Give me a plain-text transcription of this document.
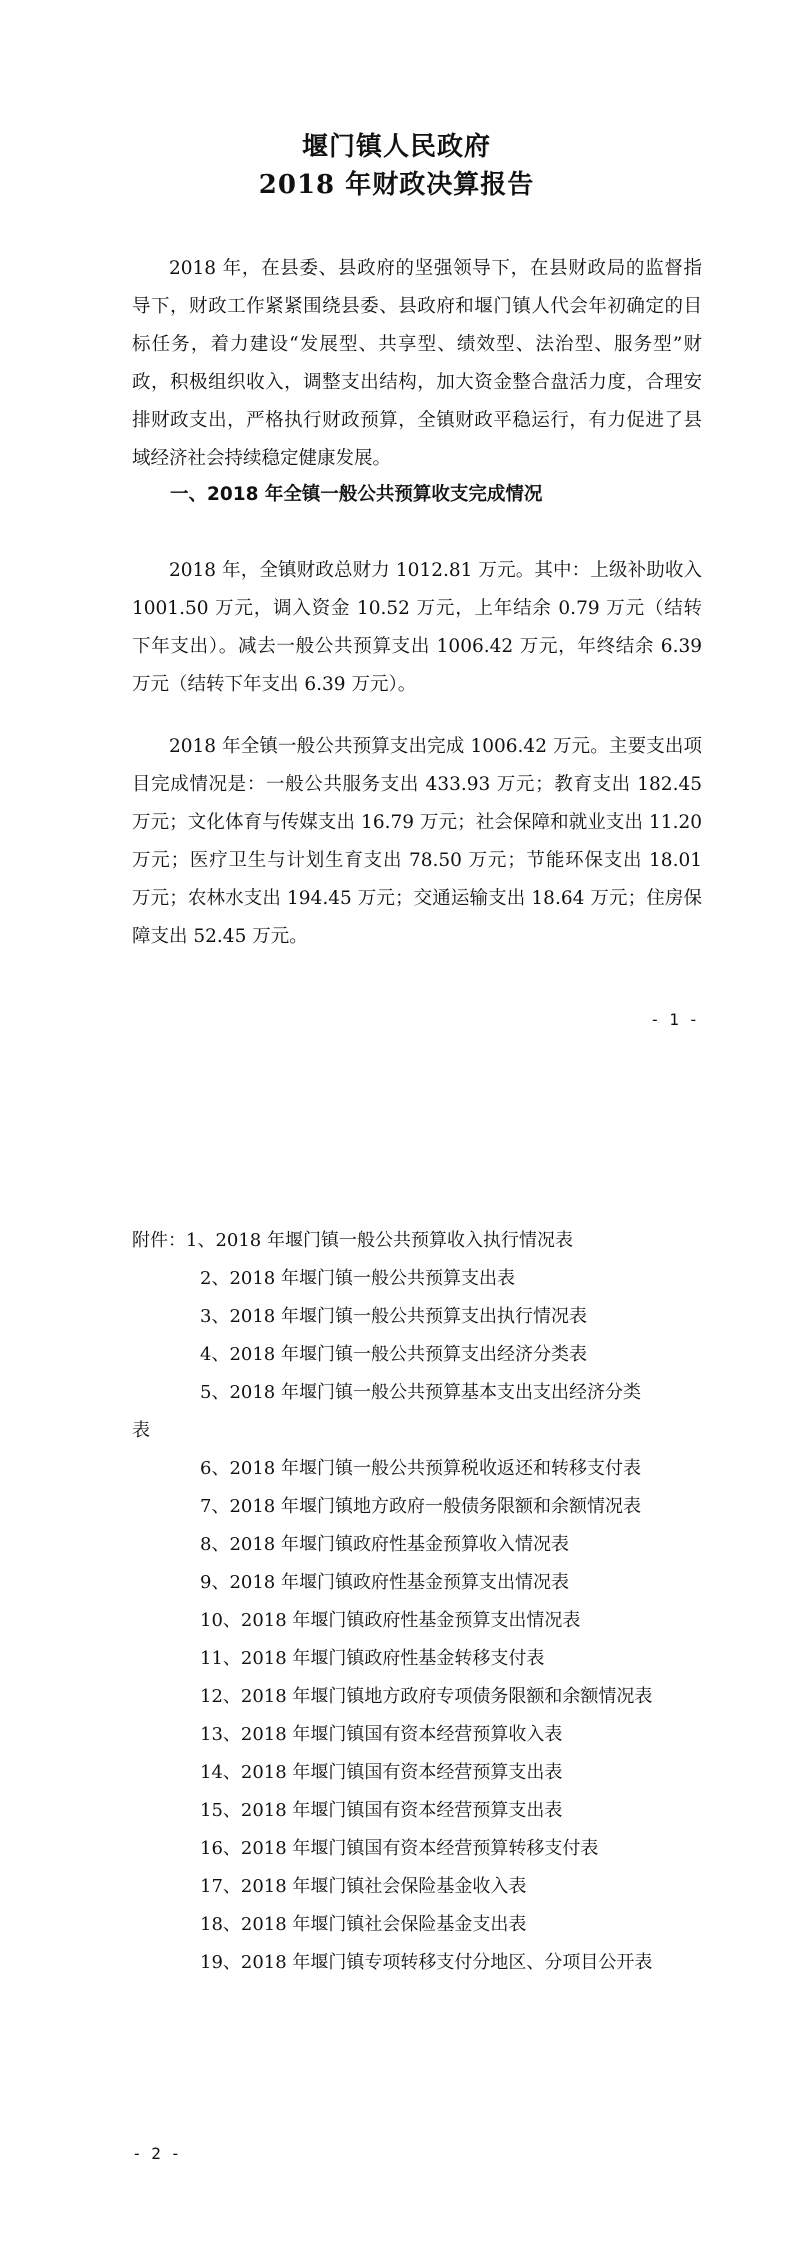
堰门镇人民政府
2018 年财政决算报告

2018 年，在县委、县政府的坚强领导下，在县财政局的监督指导下，财政工作紧紧围绕县委、县政府和堰门镇人代会年初确定的目标任务，着力建设“发展型、共享型、绩效型、法治型、服务型”财政，积极组织收入，调整支出结构，加大资金整合盘活力度，合理安排财政支出，严格执行财政预算，全镇财政平稳运行，有力促进了县域经济社会持续稳定健康发展。

一、2018 年全镇一般公共预算收支完成情况

2018 年，全镇财政总财力 1012.81 万元。其中：上级补助收入 1001.50 万元，调入资金 10.52 万元，上年结余 0.79 万元（结转下年支出）。减去一般公共预算支出 1006.42 万元，年终结余 6.39 万元（结转下年支出 6.39 万元）。

2018 年全镇一般公共预算支出完成 1006.42 万元。主要支出项目完成情况是：一般公共服务支出 433.93 万元；教育支出 182.45 万元；文化体育与传媒支出 16.79 万元；社会保障和就业支出 11.20 万元；医疗卫生与计划生育支出 78.50 万元；节能环保支出 18.01 万元；农林水支出 194.45 万元；交通运输支出 18.64 万元；住房保障支出 52.45 万元。

- 1 -
附件：1、2018 年堰门镇一般公共预算收入执行情况表
2、2018 年堰门镇一般公共预算支出表
3、2018 年堰门镇一般公共预算支出执行情况表
4、2018 年堰门镇一般公共预算支出经济分类表
5、2018 年堰门镇一般公共预算基本支出支出经济分类
表
6、2018 年堰门镇一般公共预算税收返还和转移支付表
7、2018 年堰门镇地方政府一般债务限额和余额情况表
8、2018 年堰门镇政府性基金预算收入情况表
9、2018 年堰门镇政府性基金预算支出情况表
10、2018 年堰门镇政府性基金预算支出情况表
11、2018 年堰门镇政府性基金转移支付表
12、2018 年堰门镇地方政府专项债务限额和余额情况表
13、2018 年堰门镇国有资本经营预算收入表
14、2018 年堰门镇国有资本经营预算支出表
15、2018 年堰门镇国有资本经营预算支出表
16、2018 年堰门镇国有资本经营预算转移支付表
17、2018 年堰门镇社会保险基金收入表
18、2018 年堰门镇社会保险基金支出表
19、2018 年堰门镇专项转移支付分地区、分项目公开表
- 2 -
